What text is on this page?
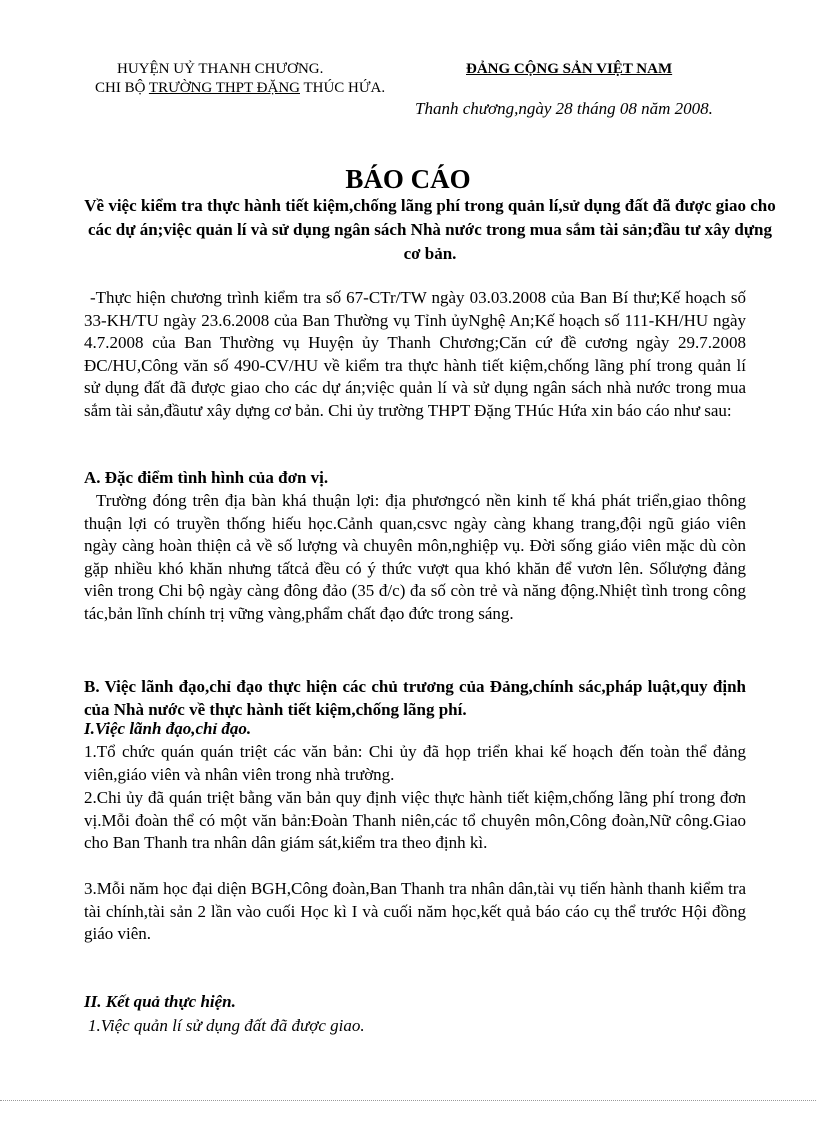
HUYỆN UỶ THANH CHƯƠNG.
CHI BỘ TRƯỜNG THPT ĐẶNG THÚC HỨA.
ĐẢNG CỘNG SẢN VIỆT NAM
Thanh chương,ngày 28 tháng 08 năm 2008.
BÁO CÁO
Về việc kiểm tra thực hành tiết kiệm,chống lãng phí trong quản lí,sử dụng đất đã được giao cho các dự án;việc quản lí và sử dụng ngân sách Nhà nước trong mua sắm tài sản;đầu tư xây dựng cơ bản.
-Thực hiện chương trình kiểm tra số 67-CTr/TW ngày 03.03.2008 của Ban Bí thư;Kế hoạch số 33-KH/TU ngày 23.6.2008 của Ban Thường vụ Tỉnh ủyNghệ An;Kế hoạch số 111-KH/HU ngày 4.7.2008 của Ban Thường vụ Huyện ủy Thanh Chương;Căn cứ đề cương ngày 29.7.2008 ĐC/HU,Công văn số 490-CV/HU về kiểm tra thực hành tiết kiệm,chống lãng phí trong quản lí sử dụng đất đã được giao cho các dự án;việc quản lí và sử dụng ngân sách nhà nước trong mua sắm tài sản,đầutư xây dựng cơ bản. Chi ủy trường THPT Đặng THúc Hứa xin báo cáo như sau:
A. Đặc điểm tình hình của đơn vị.
Trường đóng trên địa bàn khá thuận lợi: địa phươngcó nền kinh tế khá phát triển,giao thông thuận lợi có truyền thống hiếu học.Cảnh quan,csvc ngày càng khang trang,đội ngũ giáo viên ngày càng hoàn thiện cả về số lượng và chuyên môn,nghiệp vụ. Đời sống giáo viên mặc dù còn gặp nhiều khó khăn nhưng tấtcả đều có ý thức vượt qua khó khăn để vươn lên. Sốlượng đảng viên trong Chi bộ ngày càng đông đảo (35 đ/c) đa số còn trẻ và năng động.Nhiệt tình trong công tác,bản lĩnh chính trị vững vàng,phẩm chất đạo đức trong sáng.
B. Việc lãnh đạo,chỉ đạo thực hiện các chủ trương của Đảng,chính sác,pháp luật,quy định của Nhà nước về thực hành tiết kiệm,chống lãng phí.
I.Việc lãnh đạo,chỉ đạo.
1.Tổ chức quán quán triệt các văn bản: Chi ủy đã họp triển khai kế hoạch đến toàn thể đảng viên,giáo viên và nhân viên trong nhà trường.
2.Chi ủy đã quán triệt bằng văn bản quy định việc thực hành tiết kiệm,chống lãng phí trong đơn vị.Mỗi đoàn thể có một văn bản:Đoàn Thanh niên,các tổ chuyên môn,Công đoàn,Nữ công.Giao cho Ban Thanh tra nhân dân giám sát,kiểm tra theo định kì.
3.Mỗi năm học đại diện BGH,Công đoàn,Ban Thanh tra nhân dân,tài vụ tiến hành thanh kiểm tra tài chính,tài sản 2 lần vào cuối Học kì I và cuối năm học,kết quả báo cáo cụ thể trước Hội đồng giáo viên.
II. Kết quả thực hiện.
1.Việc quản lí sử dụng đất đã được giao.
